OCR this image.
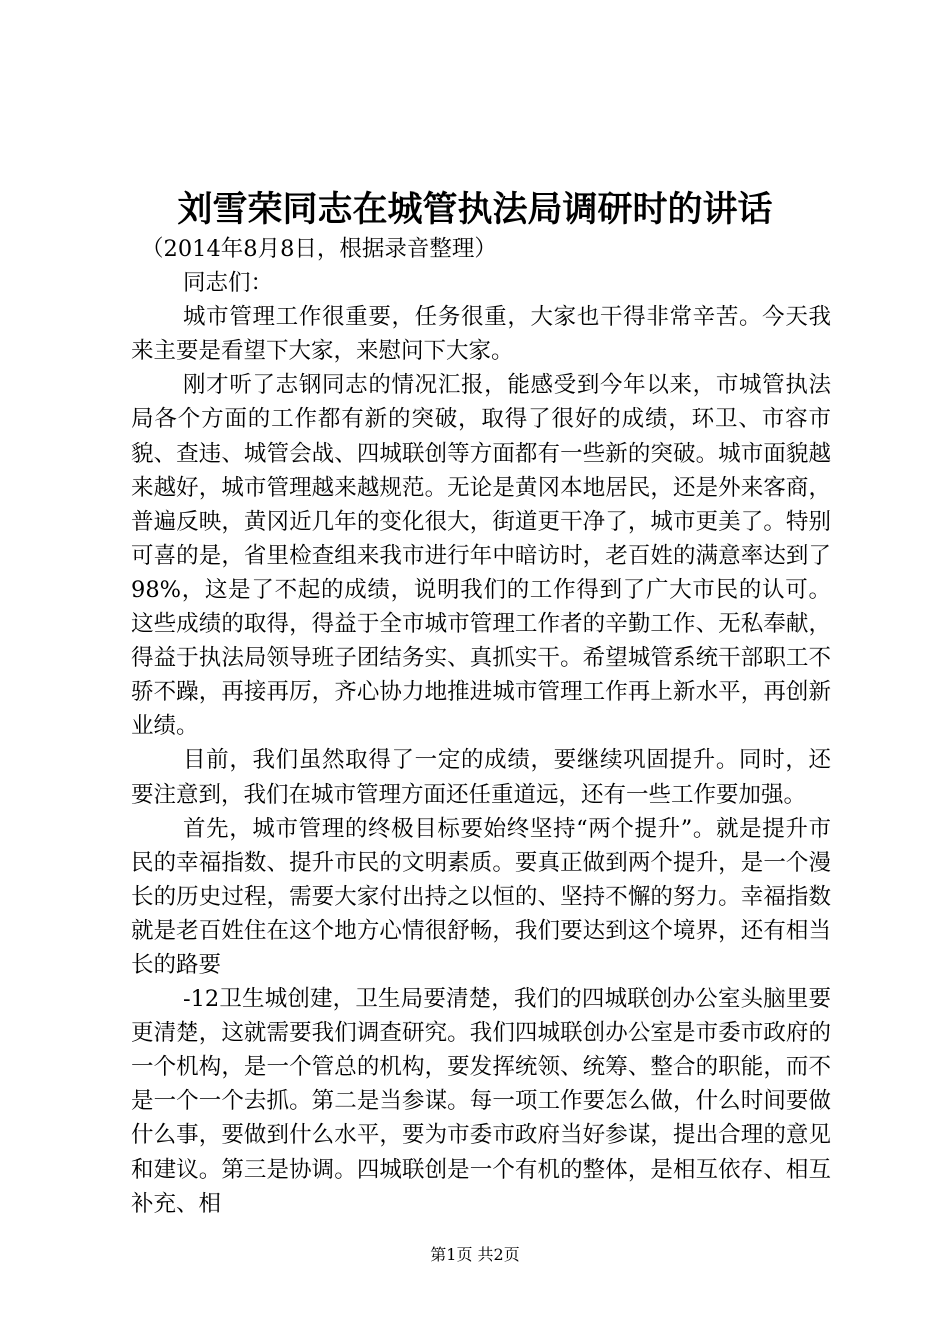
刘雪荣同志在城管执法局调研时的讲话

（2014年8月8日，根据录音整理）

同志们：

城市管理工作很重要，任务很重，大家也干得非常辛苦。今天我来主要是看望下大家，来慰问下大家。

刚才听了志钢同志的情况汇报，能感受到今年以来，市城管执法局各个方面的工作都有新的突破，取得了很好的成绩，环卫、市容市貌、查违、城管会战、四城联创等方面都有一些新的突破。城市面貌越来越好，城市管理越来越规范。无论是黄冈本地居民，还是外来客商，普遍反映，黄冈近几年的变化很大，街道更干净了，城市更美了。特别可喜的是，省里检查组来我市进行年中暗访时，老百姓的满意率达到了98%，这是了不起的成绩，说明我们的工作得到了广大市民的认可。这些成绩的取得，得益于全市城市管理工作者的辛勤工作、无私奉献，得益于执法局领导班子团结务实、真抓实干。希望城管系统干部职工不骄不躁，再接再厉，齐心协力地推进城市管理工作再上新水平，再创新业绩。

目前，我们虽然取得了一定的成绩，要继续巩固提升。同时，还要注意到，我们在城市管理方面还任重道远，还有一些工作要加强。

首先，城市管理的终极目标要始终坚持“两个提升”。就是提升市民的幸福指数、提升市民的文明素质。要真正做到两个提升，是一个漫长的历史过程，需要大家付出持之以恒的、坚持不懈的努力。幸福指数就是老百姓住在这个地方心情很舒畅，我们要达到这个境界，还有相当长的路要

-12卫生城创建，卫生局要清楚，我们的四城联创办公室头脑里要更清楚，这就需要我们调查研究。我们四城联创办公室是市委市政府的一个机构，是一个管总的机构，要发挥统领、统筹、整合的职能，而不是一个一个去抓。第二是当参谋。每一项工作要怎么做，什么时间要做什么事，要做到什么水平，要为市委市政府当好参谋，提出合理的意见和建议。第三是协调。四城联创是一个有机的整体，是相互依存、相互补充、相

第1页 共2页
